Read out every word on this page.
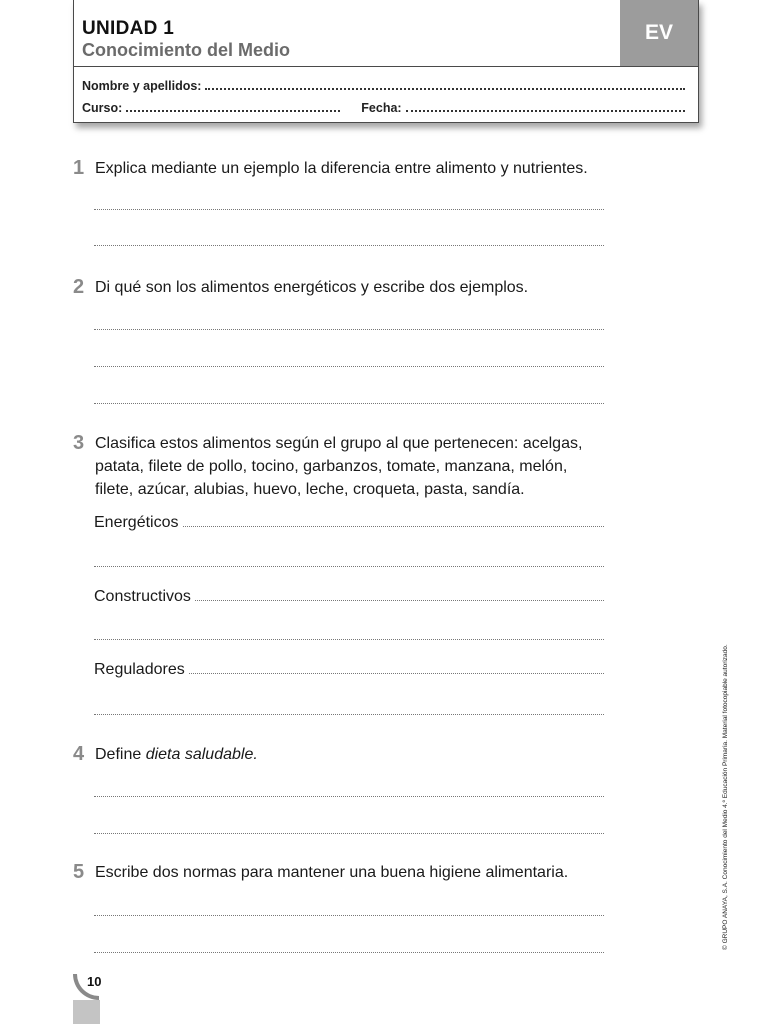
UNIDAD 1
Conocimiento del Medio
EV
Nombre y apellidos:
Curso:	Fecha:
1 Explica mediante un ejemplo la diferencia entre alimento y nutrientes.
2 Di qué son los alimentos energéticos y escribe dos ejemplos.
3 Clasifica estos alimentos según el grupo al que pertenecen: acelgas,
patata, filete de pollo, tocino, garbanzos, tomate, manzana, melón,
filete, azúcar, alubias, huevo, leche, croqueta, pasta, sandía.
Energéticos
Constructivos
Reguladores
4 Define dieta saludable.
5 Escribe dos normas para mantener una buena higiene alimentaria.	© GRUPO ANAYA, S.A. Conocimiento del Medio 4.º Educación Primaria. Material fotocopiable autorizado.
10
